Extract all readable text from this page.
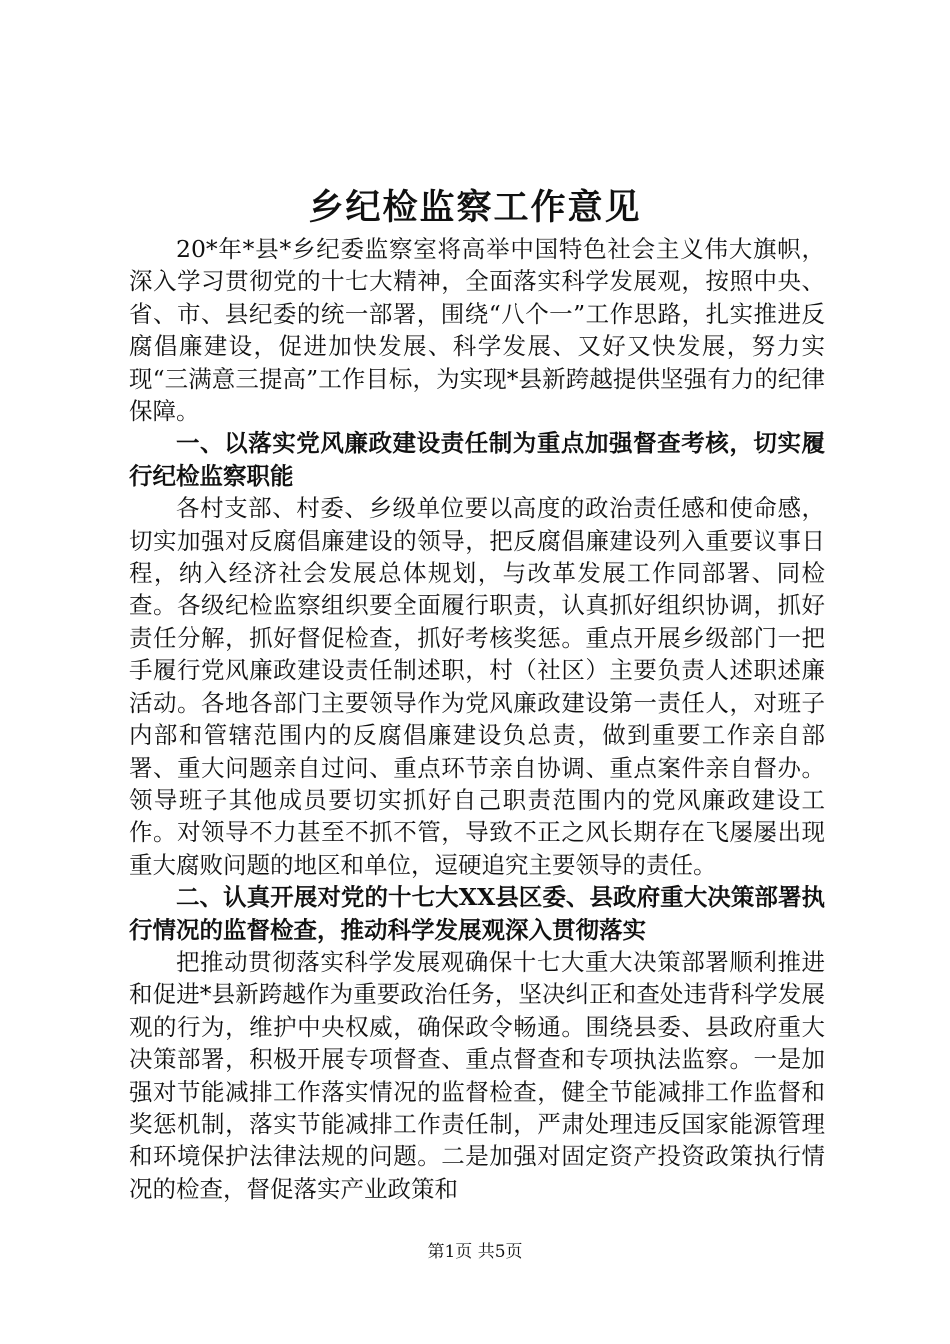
乡纪检监察工作意见

20*年*县*乡纪委监察室将高举中国特色社会主义伟大旗帜，深入学习贯彻党的十七大精神，全面落实科学发展观，按照中央、省、市、县纪委的统一部署，围绕“八个一”工作思路，扎实推进反腐倡廉建设，促进加快发展、科学发展、又好又快发展，努力实现“三满意三提高”工作目标，为实现*县新跨越提供坚强有力的纪律保障。

一、以落实党风廉政建设责任制为重点加强督查考核，切实履行纪检监察职能

各村支部、村委、乡级单位要以高度的政治责任感和使命感，切实加强对反腐倡廉建设的领导，把反腐倡廉建设列入重要议事日程，纳入经济社会发展总体规划，与改革发展工作同部署、同检查。各级纪检监察组织要全面履行职责，认真抓好组织协调，抓好责任分解，抓好督促检查，抓好考核奖惩。重点开展乡级部门一把手履行党风廉政建设责任制述职，村（社区）主要负责人述职述廉活动。各地各部门主要领导作为党风廉政建设第一责任人，对班子内部和管辖范围内的反腐倡廉建设负总责，做到重要工作亲自部署、重大问题亲自过问、重点环节亲自协调、重点案件亲自督办。领导班子其他成员要切实抓好自己职责范围内的党风廉政建设工作。对领导不力甚至不抓不管，导致不正之风长期存在飞屡屡出现重大腐败问题的地区和单位，逗硬追究主要领导的责任。

二、认真开展对党的十七大XX县区委、县政府重大决策部署执行情况的监督检查，推动科学发展观深入贯彻落实

把推动贯彻落实科学发展观确保十七大重大决策部署顺利推进和促进*县新跨越作为重要政治任务，坚决纠正和查处违背科学发展观的行为，维护中央权威，确保政令畅通。围绕县委、县政府重大决策部署，积极开展专项督查、重点督查和专项执法监察。一是加强对节能减排工作落实情况的监督检查，健全节能减排工作监督和奖惩机制，落实节能减排工作责任制，严肃处理违反国家能源管理和环境保护法律法规的问题。二是加强对固定资产投资政策执行情况的检查，督促落实产业政策和

第1页 共5页
